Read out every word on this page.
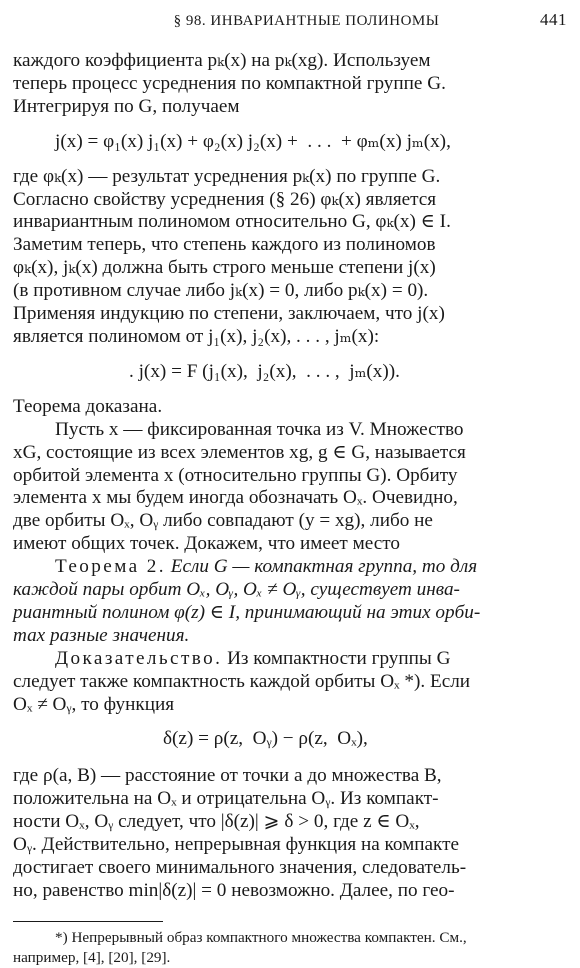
§ 98. ИНВАРИАНТНЫЕ ПОЛИНОМЫ	441

каждого коэффициента pₖ(x) на pₖ(xg). Используем
теперь процесс усреднения по компактной группе G.
Интегрируя по G, получаем

j(x) = φ₁(x) j₁(x) + φ₂(x) j₂(x) +  . . .  + φₘ(x) jₘ(x),

где φₖ(x) — результат усреднения pₖ(x) по группе G.
Согласно свойству усреднения (§ 26) φₖ(x) является
инвариантным полиномом относительно G, φₖ(x) ∈ I.
Заметим теперь, что степень каждого из полиномов
φₖ(x), jₖ(x) должна быть строго меньше степени j(x)
(в противном случае либо jₖ(x) = 0, либо pₖ(x) = 0).
Применяя индукцию по степени, заключаем, что j(x)
является полиномом от j₁(x), j₂(x), . . . , jₘ(x):

. j(x) = F (j₁(x),  j₂(x),  . . . ,  jₘ(x)).

Теорема доказана.

Пусть x — фиксированная точка из V. Множество
xG, состоящие из всех элементов xg, g ∈ G, называется
орбитой элемента x (относительно группы G). Орбиту
элемента x мы будем иногда обозначать Oₓ. Очевидно,
две орбиты Oₓ, Oᵧ либо совпадают (y = xg), либо не
имеют общих точек. Докажем, что имеет место

Теорема 2. Если G — компактная группа, то для
каждой пары орбит Oₓ, Oᵧ, Oₓ ≠ Oᵧ, существует инва-
риантный полином φ(z) ∈ I, принимающий на этих орби-
тах разные значения.

Доказательство. Из компактности группы G
следует также компактность каждой орбиты Oₓ *). Если
Oₓ ≠ Oᵧ, то функция

δ(z) = ρ(z,  Oᵧ) − ρ(z,  Oₓ),

где ρ(a, B) — расстояние от точки a до множества B,
положительна на Oₓ и отрицательна Oᵧ. Из компакт-
ности Oₓ, Oᵧ следует, что |δ(z)| ⩾ δ > 0, где z ∈ Oₓ,
Oᵧ. Действительно, непрерывная функция на компакте
достигает своего минимального значения, следователь-
но, равенство min|δ(z)| = 0 невозможно. Далее, по гео-

*) Непрерывный образ компактного множества компактен. См.,
например, [4], [20], [29].
